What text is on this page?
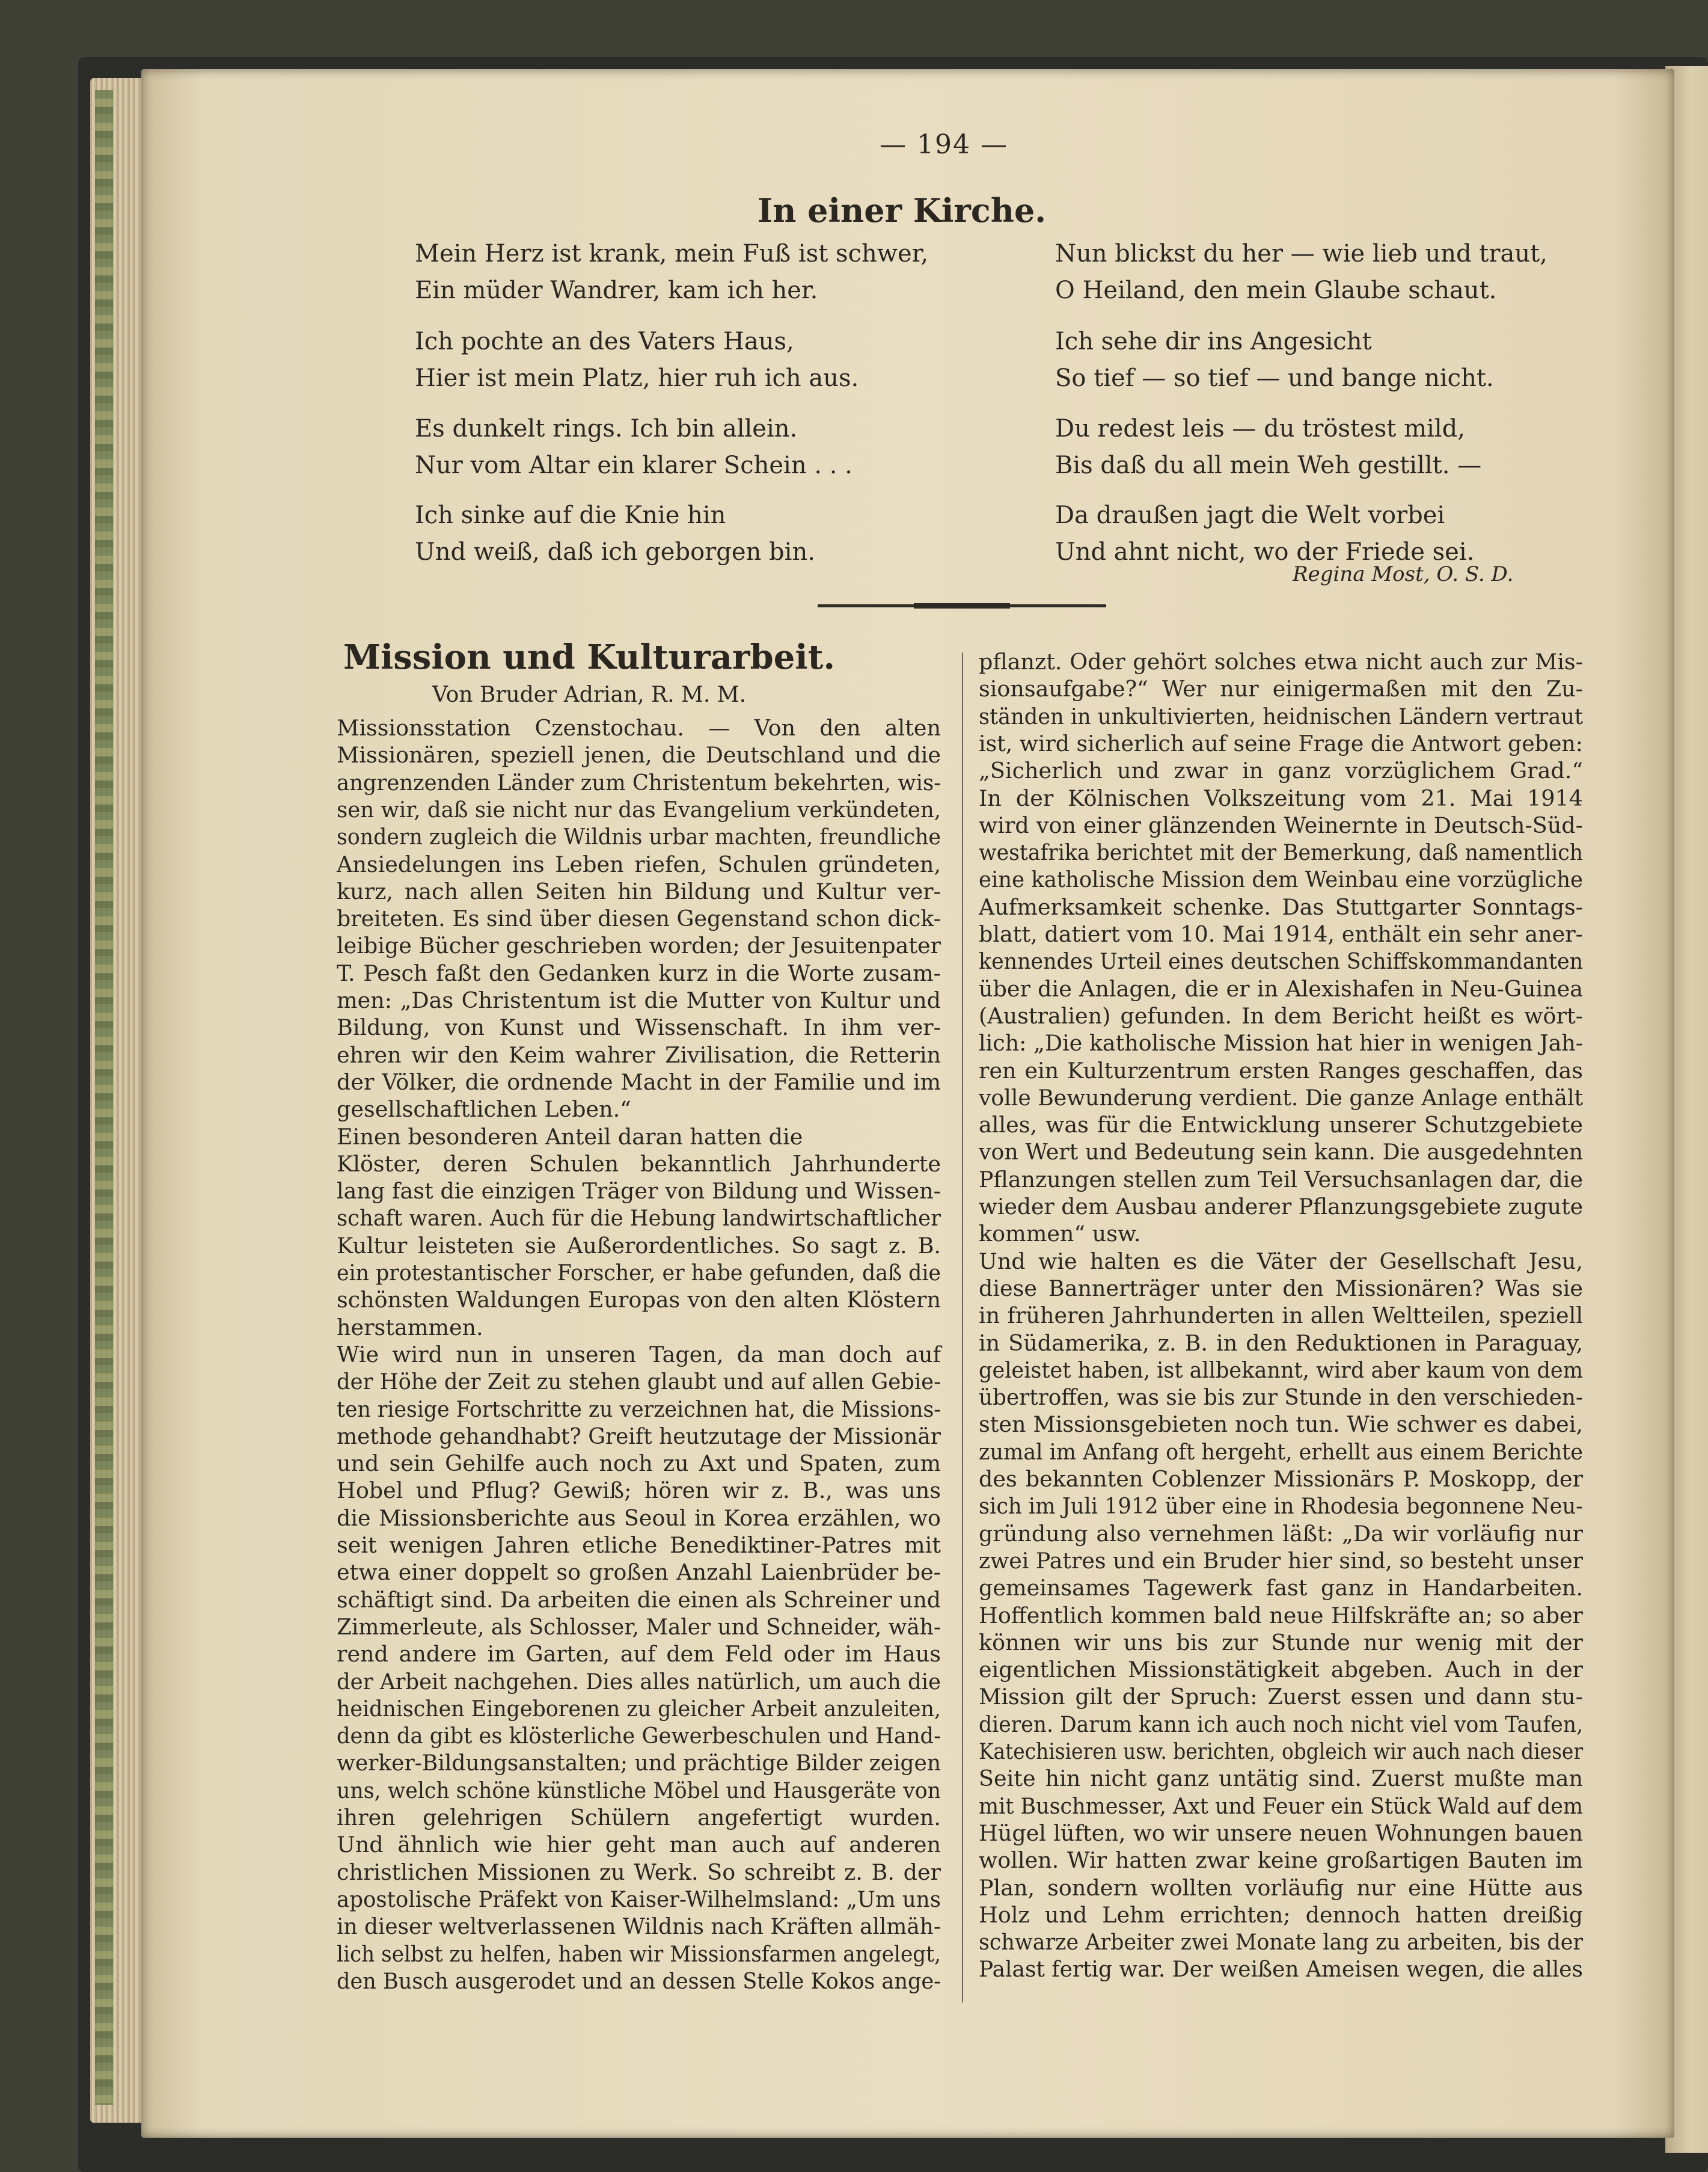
— 194 —
In einer Kirche.
Mein Herz ist krank, mein Fuß ist schwer,
Ein müder Wandrer, kam ich her.
Ich pochte an des Vaters Haus,
Hier ist mein Platz, hier ruh ich aus.
Es dunkelt rings. Ich bin allein.
Nur vom Altar ein klarer Schein . . .
Ich sinke auf die Knie hin
Und weiß, daß ich geborgen bin.
Nun blickst du her — wie lieb und traut,
O Heiland, den mein Glaube schaut.
Ich sehe dir ins Angesicht
So tief — so tief — und bange nicht.
Du redest leis — du tröstest mild,
Bis daß du all mein Weh gestillt. —
Da draußen jagt die Welt vorbei
Und ahnt nicht, wo der Friede sei.
Regina Most, O. S. D.
Mission und Kulturarbeit.
Von Bruder Adrian, R. M. M.
Missionsstation Czenstochau. — Von den alten
Missionären, speziell jenen, die Deutschland und die
angrenzenden Länder zum Christentum bekehrten, wis-
sen wir, daß sie nicht nur das Evangelium verkündeten,
sondern zugleich die Wildnis urbar machten, freundliche
Ansiedelungen ins Leben riefen, Schulen gründeten,
kurz, nach allen Seiten hin Bildung und Kultur ver-
breiteten. Es sind über diesen Gegenstand schon dick-
leibige Bücher geschrieben worden; der Jesuitenpater
T. Pesch faßt den Gedanken kurz in die Worte zusam-
men: „Das Christentum ist die Mutter von Kultur und
Bildung, von Kunst und Wissenschaft. In ihm ver-
ehren wir den Keim wahrer Zivilisation, die Retterin
der Völker, die ordnende Macht in der Familie und im
gesellschaftlichen Leben.“
Einen besonderen Anteil daran hatten die
Klöster, deren Schulen bekanntlich Jahrhunderte
lang fast die einzigen Träger von Bildung und Wissen-
schaft waren. Auch für die Hebung landwirtschaftlicher
Kultur leisteten sie Außerordentliches. So sagt z. B.
ein protestantischer Forscher, er habe gefunden, daß die
schönsten Waldungen Europas von den alten Klöstern
herstammen.
Wie wird nun in unseren Tagen, da man doch auf
der Höhe der Zeit zu stehen glaubt und auf allen Gebie-
ten riesige Fortschritte zu verzeichnen hat, die Missions-
methode gehandhabt? Greift heutzutage der Missionär
und sein Gehilfe auch noch zu Axt und Spaten, zum
Hobel und Pflug? Gewiß; hören wir z. B., was uns
die Missionsberichte aus Seoul in Korea erzählen, wo
seit wenigen Jahren etliche Benediktiner-Patres mit
etwa einer doppelt so großen Anzahl Laienbrüder be-
schäftigt sind. Da arbeiten die einen als Schreiner und
Zimmerleute, als Schlosser, Maler und Schneider, wäh-
rend andere im Garten, auf dem Feld oder im Haus
der Arbeit nachgehen. Dies alles natürlich, um auch die
heidnischen Eingeborenen zu gleicher Arbeit anzuleiten,
denn da gibt es klösterliche Gewerbeschulen und Hand-
werker-Bildungsanstalten; und prächtige Bilder zeigen
uns, welch schöne künstliche Möbel und Hausgeräte von
ihren gelehrigen Schülern angefertigt wurden.
Und ähnlich wie hier geht man auch auf anderen
christlichen Missionen zu Werk. So schreibt z. B. der
apostolische Präfekt von Kaiser-Wilhelmsland: „Um uns
in dieser weltverlassenen Wildnis nach Kräften allmäh-
lich selbst zu helfen, haben wir Missionsfarmen angelegt,
den Busch ausgerodet und an dessen Stelle Kokos ange-
pflanzt. Oder gehört solches etwa nicht auch zur Mis-
sionsaufgabe?“ Wer nur einigermaßen mit den Zu-
ständen in unkultivierten, heidnischen Ländern vertraut
ist, wird sicherlich auf seine Frage die Antwort geben:
„Sicherlich und zwar in ganz vorzüglichem Grad.“
In der Kölnischen Volkszeitung vom 21. Mai 1914
wird von einer glänzenden Weinernte in Deutsch-Süd-
westafrika berichtet mit der Bemerkung, daß namentlich
eine katholische Mission dem Weinbau eine vorzügliche
Aufmerksamkeit schenke. Das Stuttgarter Sonntags-
blatt, datiert vom 10. Mai 1914, enthält ein sehr aner-
kennendes Urteil eines deutschen Schiffskommandanten
über die Anlagen, die er in Alexishafen in Neu-Guinea
(Australien) gefunden. In dem Bericht heißt es wört-
lich: „Die katholische Mission hat hier in wenigen Jah-
ren ein Kulturzentrum ersten Ranges geschaffen, das
volle Bewunderung verdient. Die ganze Anlage enthält
alles, was für die Entwicklung unserer Schutzgebiete
von Wert und Bedeutung sein kann. Die ausgedehnten
Pflanzungen stellen zum Teil Versuchsanlagen dar, die
wieder dem Ausbau anderer Pflanzungsgebiete zugute
kommen“ usw.
Und wie halten es die Väter der Gesellschaft Jesu,
diese Bannerträger unter den Missionären? Was sie
in früheren Jahrhunderten in allen Weltteilen, speziell
in Südamerika, z. B. in den Reduktionen in Paraguay,
geleistet haben, ist allbekannt, wird aber kaum von dem
übertroffen, was sie bis zur Stunde in den verschieden-
sten Missionsgebieten noch tun. Wie schwer es dabei,
zumal im Anfang oft hergeht, erhellt aus einem Berichte
des bekannten Coblenzer Missionärs P. Moskopp, der
sich im Juli 1912 über eine in Rhodesia begonnene Neu-
gründung also vernehmen läßt: „Da wir vorläufig nur
zwei Patres und ein Bruder hier sind, so besteht unser
gemeinsames Tagewerk fast ganz in Handarbeiten.
Hoffentlich kommen bald neue Hilfskräfte an; so aber
können wir uns bis zur Stunde nur wenig mit der
eigentlichen Missionstätigkeit abgeben. Auch in der
Mission gilt der Spruch: Zuerst essen und dann stu-
dieren. Darum kann ich auch noch nicht viel vom Taufen,
Katechisieren usw. berichten, obgleich wir auch nach dieser
Seite hin nicht ganz untätig sind. Zuerst mußte man
mit Buschmesser, Axt und Feuer ein Stück Wald auf dem
Hügel lüften, wo wir unsere neuen Wohnungen bauen
wollen. Wir hatten zwar keine großartigen Bauten im
Plan, sondern wollten vorläufig nur eine Hütte aus
Holz und Lehm errichten; dennoch hatten dreißig
schwarze Arbeiter zwei Monate lang zu arbeiten, bis der
Palast fertig war. Der weißen Ameisen wegen, die alles
